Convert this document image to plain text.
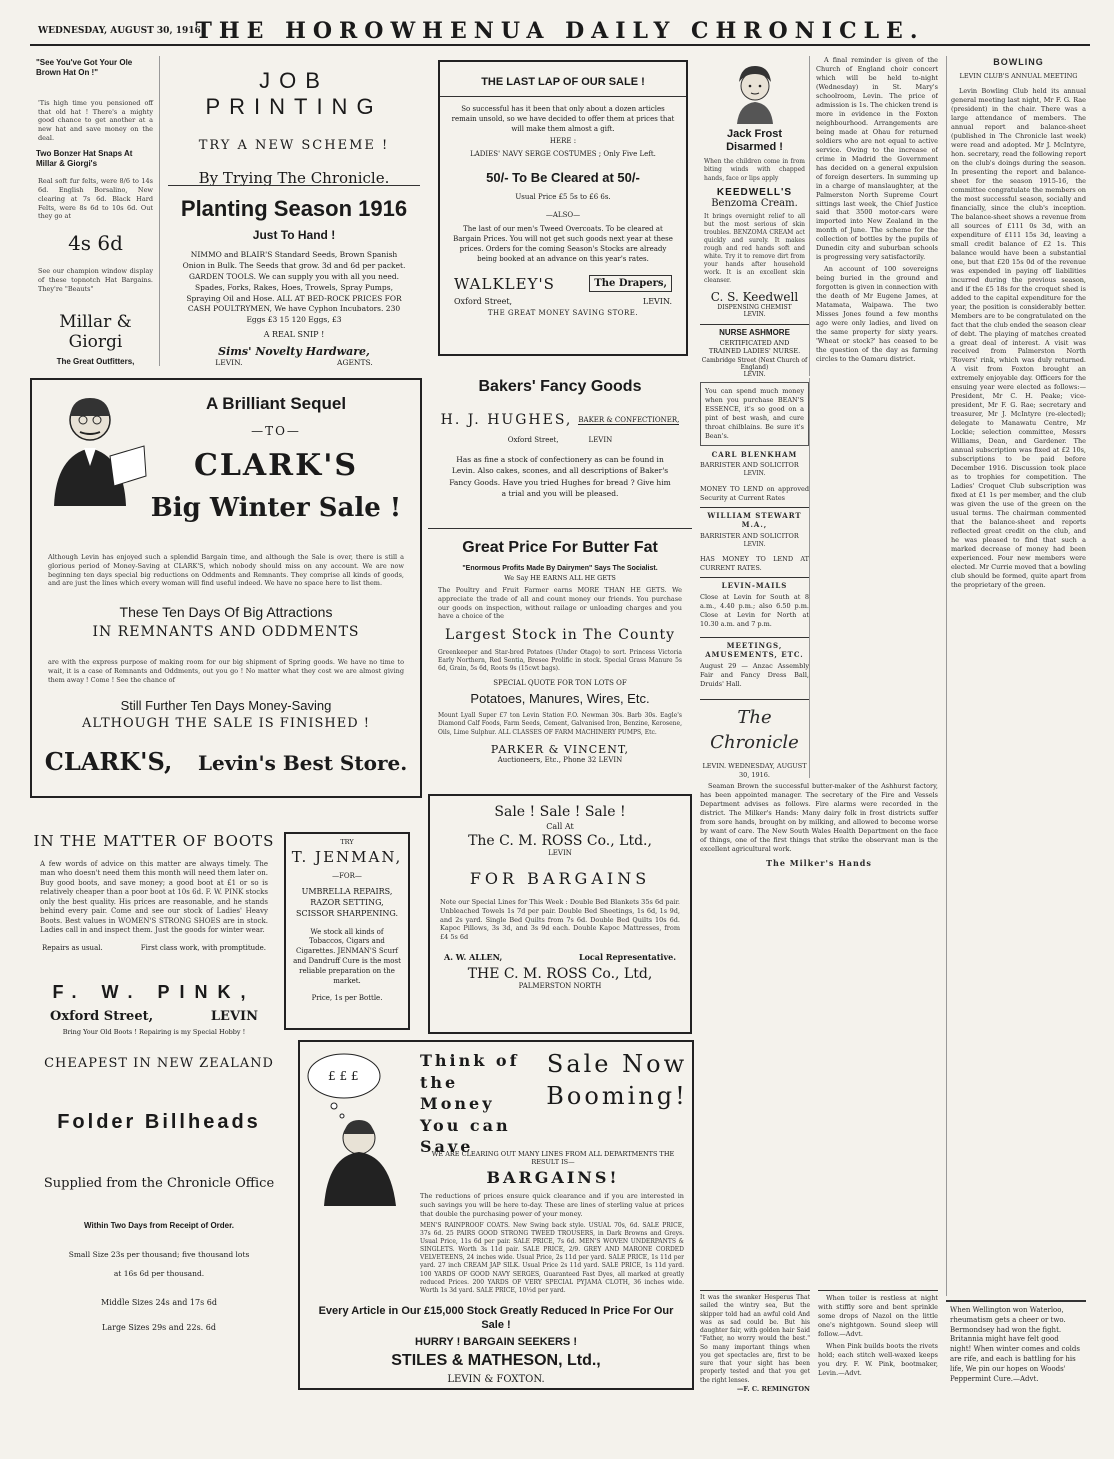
WEDNESDAY, AUGUST 30, 1916.
THE HOROWHENUA DAILY CHRONICLE.
"See You've Got Your Ole Brown Hat On !"
'Tis high time you pensioned off that old hat ! There's a mighty good chance to get another at a new hat and save money on the deal.
Two Bonzer Hat Snaps At Millar & Giorgi's
Real soft fur felts, were 8/6 to 14s 6d. English Borsalino, New clearing at 7s 6d. Black Hard Felts, were 8s 6d to 10s 6d. Out they go at
4s 6d
See our champion window display of these topnotch Hat Bargains. They're "Beauts"
Millar & Giorgi
The Great Outfitters,
JOB PRINTING
TRY A NEW SCHEME !
By Trying The Chronicle.
Planting Season 1916
Just To Hand !
NIMMO and BLAIR'S Standard Seeds, Brown Spanish Onion in Bulk. The Seeds that grow. 3d and 6d per packet. GARDEN TOOLS. We can supply you with all you need. Spades, Forks, Rakes, Hoes, Trowels, Spray Pumps, Spraying Oil and Hose. ALL AT BED-ROCK PRICES FOR CASH POULTRYMEN, We have Cyphon Incubators. 230 Eggs £3 15 120 Eggs, £3
A REAL SNIP !
Sims' Novelty Hardware,
LEVIN.	AGENTS.
THE LAST LAP OF OUR SALE !
So successful has it been that only about a dozen articles remain unsold, so we have decided to offer them at prices that will make them almost a gift.
HERE :
LADIES' NAVY SERGE COSTUMES ; Only Five Left.
50/- To Be Cleared at 50/-
Usual Price £5 5s to £6 6s.
—ALSO—
The last of our men's Tweed Overcoats. To be cleared at Bargain Prices. You will not get such goods next year at these prices. Orders for the coming Season's Stocks are already being booked at an advance on this year's rates.
WALKLEY'S	The Drapers,
Oxford Street,	LEVIN.
THE GREAT MONEY SAVING STORE.
Jack Frost Disarmed !
When the children come in from biting winds with chapped hands, face or lips apply
KEEDWELL'S
Benzoma Cream.
It brings overnight relief to all but the most serious of skin troubles. BENZOMA CREAM act quickly and surely. It makes rough and red hands soft and white. Try it to remove dirt from your hands after household work. It is an excellent skin cleanser.
C. S. Keedwell
DISPENSING CHEMIST
LEVIN.
NURSE ASHMORE
CERTIFICATED AND TRAINED LADIES' NURSE.
Cambridge Street (Next Church of England)
LEVIN.

A final reminder is given of the Church of England choir concert which will be held to-night (Wednesday) in St. Mary's schoolroom, Levin. The price of admission is 1s. The chicken trend is more in evidence in the Foxton neighbourhood. Arrangements are being made at Ohau for returned soldiers who are not equal to active service. Owing to the increase of crime in Madrid the Government has decided on a general expulsion of foreign deserters. In summing up in a charge of manslaughter, at the Palmerston North Supreme Court sittings last week, the Chief Justice said that 3500 motor-cars were imported into New Zealand in the month of June. The scheme for the collection of bottles by the pupils of Dunedin city and suburban schools is progressing very satisfactorily.

An account of 100 sovereigns being buried in the ground and forgotten is given in connection with the death of Mr Eugene James, at Matamata, Waipawa. The two Misses Jones found a few months ago were only ladies, and lived on the same property for sixty years. 'Wheat or stock?' has ceased to be the question of the day as farming circles to the Oamaru district.

BOWLING
LEVIN CLUB'S ANNUAL MEETING

Levin Bowling Club held its annual general meeting last night, Mr F. G. Rae (president) in the chair. There was a large attendance of members. The annual report and balance-sheet (published in The Chronicle last week) were read and adopted. Mr J. McIntyre, hon. secretary, read the following report on the club's doings during the season. In presenting the report and balance-sheet for the season 1915-16, the committee congratulate the members on the most successful season, socially and financially, since the club's inception. The balance-sheet shows a revenue from all sources of £111 0s 3d, with an expenditure of £111 15s 3d, leaving a small credit balance of £2 1s. This balance would have been a substantial one, but that £20 15s 0d of the revenue was expended in paying off liabilities incurred during the previous season, and if the £5 18s for the croquet shed is added to the capital expenditure for the year, the position is considerably better. Members are to be congratulated on the fact that the club ended the season clear of debt. The playing of matches created a great deal of interest. A visit was received from Palmerston North 'Rovers' rink, which was duly returned. A visit from Foxton brought an extremely enjoyable day. Officers for the ensuing year were elected as follows:—President, Mr C. H. Peake; vice-president, Mr F. G. Rae; secretary and treasurer, Mr J. McIntyre (re-elected); delegate to Manawatu Centre, Mr Lockie; selection committee, Messrs Williams, Dean, and Gardener. The annual subscription was fixed at £2 10s, subscriptions to be paid before December 1916. Discussion took place as to trophies for competition. The Ladies' Croquet Club subscription was fixed at £1 1s per member, and the club was given the use of the green on the usual terms. The chairman commented that the balance-sheet and reports reflected great credit on the club, and he was pleased to find that such a marked decrease of money had been experienced. Four new members were elected. Mr Currie moved that a bowling club should be formed, quite apart from the proprietary of the green.

When Wellington won Waterloo, rheumatism gets a cheer or two. Bermondsey had won the fight. Britannia might have felt good night! When winter comes and colds are rife, and each is battling for his life, We pin our hopes on Woods' Peppermint Cure.—Advt.
A Brilliant Sequel
—TO—
CLARK'S
Big Winter Sale !
Although Levin has enjoyed such a splendid Bargain time, and although the Sale is over, there is still a glorious period of Money-Saving at CLARK'S, which nobody should miss on any account. We are now beginning ten days special big reductions on Oddments and Remnants. They comprise all kinds of goods, and are just the lines which every woman will find useful indeed. We have no space here to list them.
These Ten Days Of Big Attractions
IN REMNANTS AND ODDMENTS
are with the express purpose of making room for our big shipment of Spring goods. We have no time to wait, it is a case of Remnants and Oddments, out you go ! No matter what they cost we are almost giving them away ! Come ! See the chance of
Still Further Ten Days Money-Saving
ALTHOUGH THE SALE IS FINISHED !
CLARK'S, Levin's Best Store.
Bakers' Fancy Goods
H. J. HUGHES, BAKER & CONFECTIONER,
Oxford Street,	LEVIN
Has as fine a stock of confectionery as can be found in Levin. Also cakes, scones, and all descriptions of Baker's Fancy Goods. Have you tried Hughes for bread ? Give him a trial and you will be pleased.
Great Price For Butter Fat
"Enormous Profits Made By Dairymen" Says The Socialist.
We Say HE EARNS ALL HE GETS
The Poultry and Fruit Farmer earns MORE THAN HE GETS. We appreciate the trade of all and count money our friends. You purchase our goods on inspection, without railage or unloading charges and you have a choice of the
Largest Stock in The County
Greenkeeper and Star-bred Potatoes (Under Otago) to sort. Princess Victoria Early Northern, Red Sentia, Bresee Prolific in stock. Special Grass Manure 5s 6d, Grain, 5s 6d, Roots 9s (15cwt bags).
SPECIAL QUOTE FOR TON LOTS OF
Potatoes, Manures, Wires, Etc.
Mount Lyall Super £7 ton Levin Station F.O. Newman 30s. Barb 30s. Eagle's Diamond Calf Foods, Farm Seeds, Cement, Galvanised Iron, Benzine, Kerosene, Oils, Lime Sulphur. ALL CLASSES OF FARM MACHINERY PUMPS, Etc.
PARKER & VINCENT,
Auctioneers, Etc., Phone 32 LEVIN
You can spend much money when you purchase BEAN'S ESSENCE, it's so good on a pint of best wash, and cure throat chilblains. Be sure it's Bean's.
CARL BLENKHAM
BARRISTER AND SOLICITOR
LEVIN.
MONEY TO LEND on approved Security at Current Rates
WILLIAM STEWART M.A.,
BARRISTER AND SOLICITOR
LEVIN.
HAS MONEY TO LEND AT CURRENT RATES.
LEVIN-MAILS
Close at Levin for South at 8 a.m., 4.40 p.m.; also 6.50 p.m. Close at Levin for North at 10.30 a.m. and 7 p.m.
MEETINGS, AMUSEMENTS, ETC.
August 29 — Anzac Assembly Fair and Fancy Dress Ball, Druids' Hall.
The Chronicle
LEVIN. WEDNESDAY, AUGUST 30, 1916.

Seaman Brown the successful butter-maker of the Ashhurst factory, has been appointed manager. The secretary of the Fire and Vessels Department advises as follows. Fire alarms were recorded in the district. The Milker's Hands: Many dairy folk in frost districts suffer from sore hands, brought on by milking, and allowed to become worse by want of care. The New South Wales Health Department on the face of things, one of the first things that strike the observant man is the excellent agricultural work.

The Milker's Hands
IN THE MATTER OF BOOTS
A few words of advice on this matter are always timely. The man who doesn't need them this month will need them later on. Buy good boots, and save money; a good boot at £1 or so is relatively cheaper than a poor boot at 10s 6d. F. W. PINK stocks only the best quality. His prices are reasonable, and he stands behind every pair. Come and see our stock of Ladies' Heavy Boots. Best values in WOMEN'S STRONG SHOES are in stock. Ladies call in and inspect them. Just the goods for winter wear.
Repairs as usual.	First class work, with promptitude.
F. W. PINK,
Oxford Street,	LEVIN
Bring Your Old Boots ! Repairing is my Special Hobby !
TRY
T. JENMAN,
—FOR—
UMBRELLA REPAIRS, RAZOR SETTING, SCISSOR SHARPENING.
We stock all kinds of Tobaccos, Cigars and Cigarettes. JENMAN'S Scurf and Dandruff Cure is the most reliable preparation on the market.
Price, 1s per Bottle.
CHEAPEST IN NEW ZEALAND
Folder Billheads
Supplied from the Chronicle Office
Within Two Days from Receipt of Order.
Small Size 23s per thousand; five thousand lots
at 16s 6d per thousand.
Middle Sizes 24s and 17s 6d
Large Sizes 29s and 22s. 6d
Sale ! Sale ! Sale !
Call At
The C. M. ROSS Co., Ltd.,
LEVIN
FOR BARGAINS
Note our Special Lines for This Week : Double Bed Blankets 35s 6d pair. Unbleached Towels 1s 7d per pair. Double Bed Sheetings, 1s 6d, 1s 9d, and 2s yard. Single Bed Quilts from 7s 6d. Double Bed Quilts 10s 6d. Kapoc Pillows, 3s 3d, and 3s 9d each. Double Kapoc Mattresses, from £4 5s 6d
A. W. ALLEN,	Local Representative.
THE C. M. ROSS Co., Ltd,
PALMERSTON NORTH
£ £ £
Think of the Money You can Save
Sale Now Booming!
WE ARE CLEARING OUT MANY LINES FROM ALL DEPARTMENTS THE RESULT IS—
BARGAINS!
The reductions of prices ensure quick clearance and if you are interested in such savings you will be here to-day. These are lines of sterling value at prices that double the purchasing power of your money.
MEN'S RAINPROOF COATS. New Swing back style. USUAL 70s, 6d. SALE PRICE, 37s 6d. 25 PAIRS GOOD STRONG TWEED TROUSERS, in Dark Browns and Greys. Usual Price, 11s 6d per pair. SALE PRICE, 7s 6d. MEN'S WOVEN UNDERPANTS & SINGLETS. Worth 3s 11d pair. SALE PRICE, 2/9. GREY AND MARONE CORDED VELVETEENS, 24 inches wide. Usual Price, 2s 11d per yard. SALE PRICE, 1s 11d per yard. 27 inch CREAM JAP SILK. Usual Price 2s 11d yard. SALE PRICE, 1s 11d yard. 100 YARDS OF GOOD NAVY SERGES, Guaranteed Fast Dyes, all marked at greatly reduced Prices. 200 YARDS OF VERY SPECIAL PYJAMA CLOTH, 36 inches wide. Worth 1s 3d yard. SALE PRICE, 10½d per yard.
Every Article in Our £15,000 Stock Greatly Reduced In Price For Our Sale !
HURRY ! BARGAIN SEEKERS !
STILES & MATHESON, Ltd.,
LEVIN & FOXTON.
It was the swanker Hesperus That sailed the wintry sea, But the skipper told had an awful cold And was as sad could be. But his daughter fair, with golden hair Said "Father, no worry would the best." So many important things when you get spectacles are, first to be sure that your sight has been properly tested and that you get the right lenses.
—F. C. REMINGTON

When toiler is restless at night with stiffly sore and bent sprinkle some drops of Nazol on the little one's nightgown. Sound sleep will follow.—Advt.

When Pink builds boots the rivets hold; each stitch well-waxed keeps you dry. F. W. Pink, bootmaker, Levin.—Advt.
